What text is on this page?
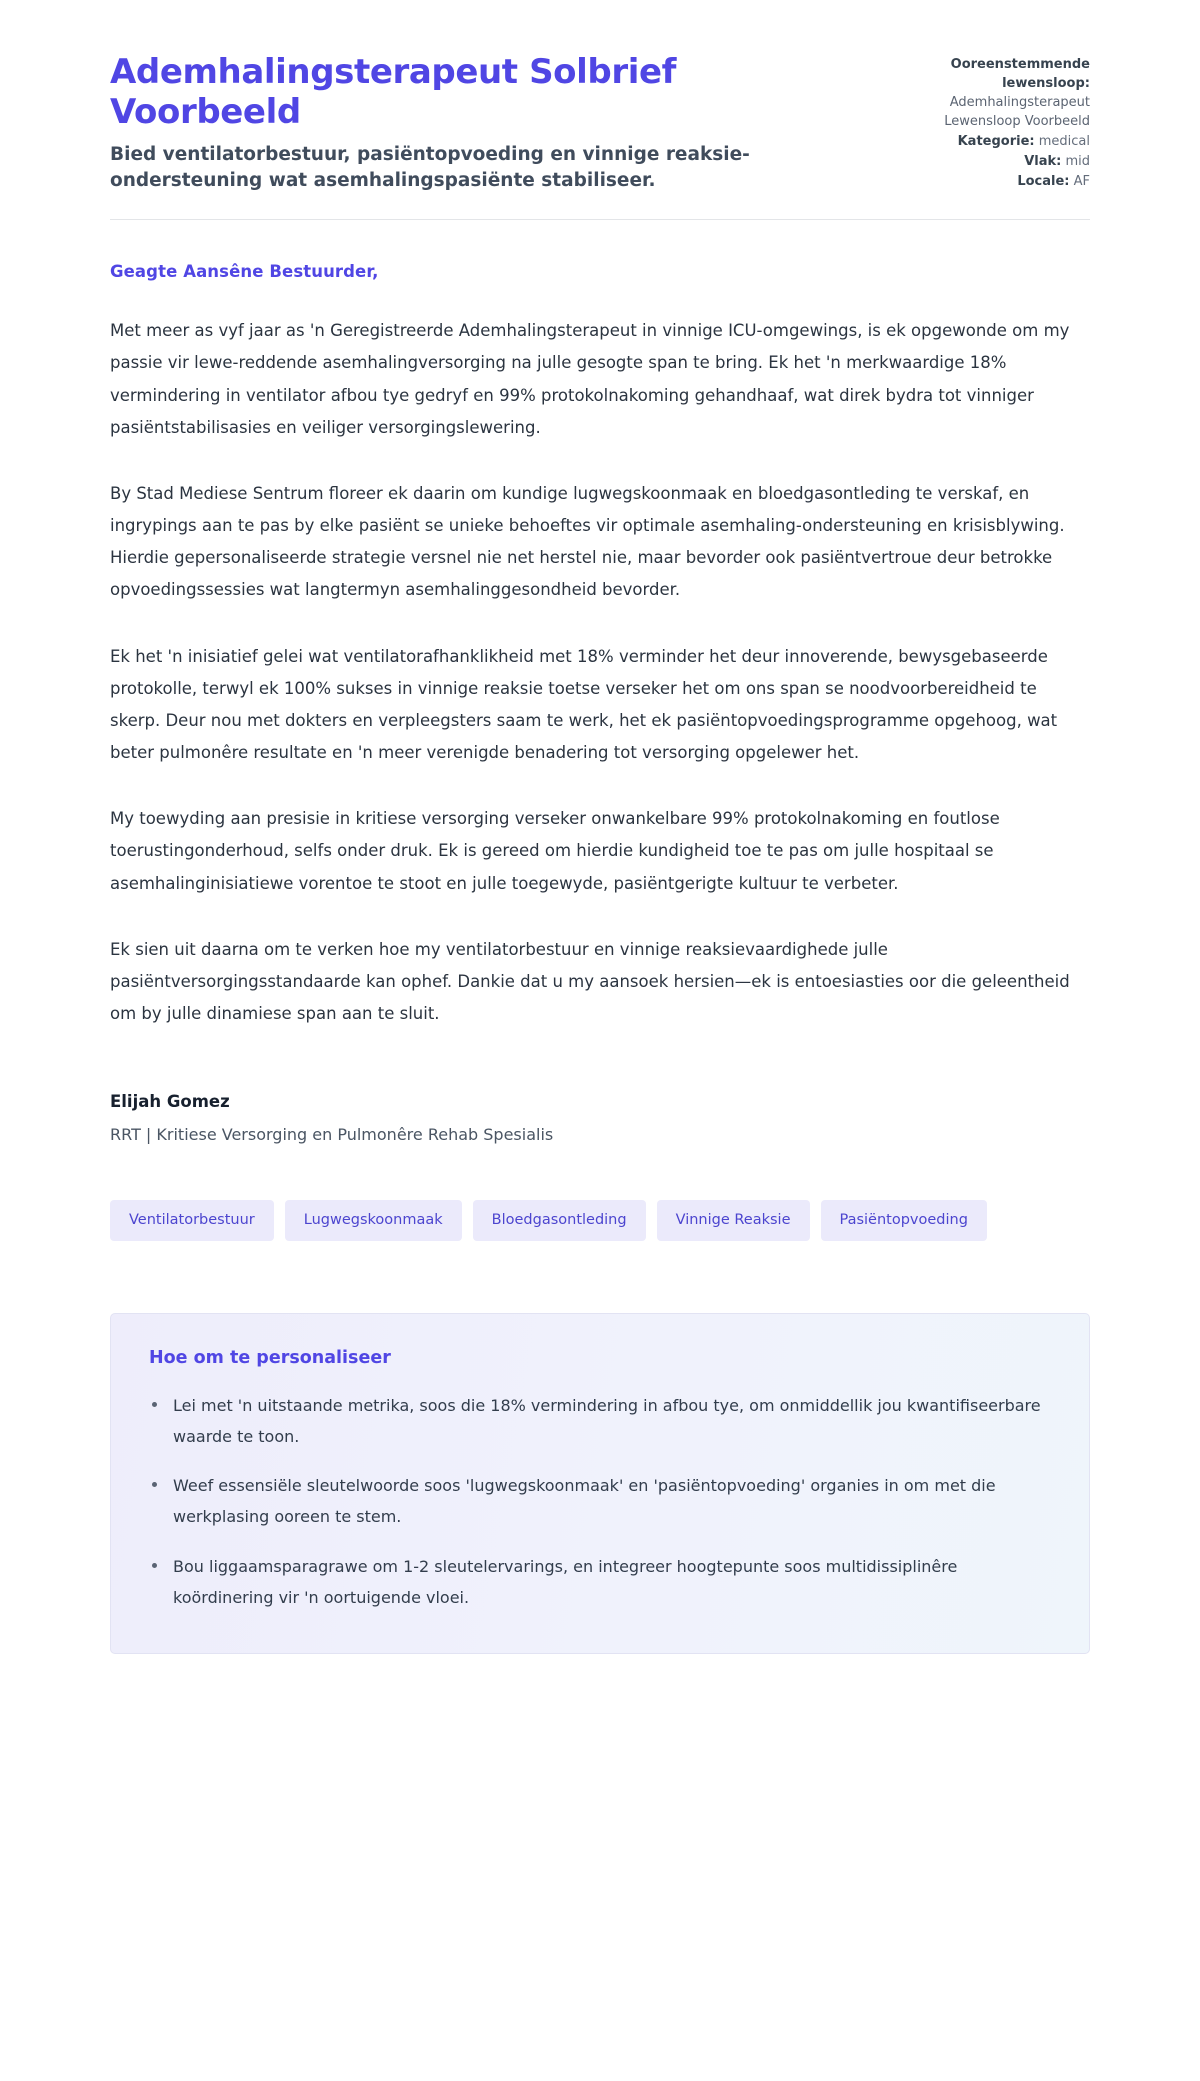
Ademhalingsterapeut Solbrief Voorbeeld

Bied ventilatorbestuur, pasiëntopvoeding en vinnige reaksie-ondersteuning wat asemhalingspasiënte stabiliseer.

Ooreenstemmende lewensloop:
Ademhalingsterapeut Lewensloop Voorbeeld
Kategorie: medical
Vlak: mid
Locale: AF

Geagte Aansêne Bestuurder,

Met meer as vyf jaar as 'n Geregistreerde Ademhalingsterapeut in vinnige ICU-omgewings, is ek opgewonde om my passie vir lewe-reddende asemhalingversorging na julle gesogte span te bring. Ek het 'n merkwaardige 18% vermindering in ventilator afbou tye gedryf en 99% protokolnakoming gehandhaaf, wat direk bydra tot vinniger pasiëntstabilisasies en veiliger versorgingslewering.

By Stad Mediese Sentrum floreer ek daarin om kundige lugwegskoonmaak en bloedgasontleding te verskaf, en ingrypings aan te pas by elke pasiënt se unieke behoeftes vir optimale asemhaling-ondersteuning en krisisblywing. Hierdie gepersonaliseerde strategie versnel nie net herstel nie, maar bevorder ook pasiëntvertroue deur betrokke opvoedingssessies wat langtermyn asemhalinggesondheid bevorder.

Ek het 'n inisiatief gelei wat ventilatorafhanklikheid met 18% verminder het deur innoverende, bewysgebaseerde protokolle, terwyl ek 100% sukses in vinnige reaksie toetse verseker het om ons span se noodvoorbereidheid te skerp. Deur nou met dokters en verpleegsters saam te werk, het ek pasiëntopvoedingsprogramme opgehoog, wat beter pulmonêre resultate en 'n meer verenigde benadering tot versorging opgelewer het.

My toewyding aan presisie in kritiese versorging verseker onwankelbare 99% protokolnakoming en foutlose toerustingonderhoud, selfs onder druk. Ek is gereed om hierdie kundigheid toe te pas om julle hospitaal se asemhalinginisiatiewe vorentoe te stoot en julle toegewyde, pasiëntgerigte kultuur te verbeter.

Ek sien uit daarna om te verken hoe my ventilatorbestuur en vinnige reaksievaardighede julle pasiëntversorgingsstandaarde kan ophef. Dankie dat u my aansoek hersien—ek is entoesiasties oor die geleentheid om by julle dinamiese span aan te sluit.

Elijah Gomez

RRT | Kritiese Versorging en Pulmonêre Rehab Spesialis

Ventilatorbestuur	Lugwegskoonmaak	Bloedgasontleding	Vinnige Reaksie	Pasiëntopvoeding
Hoe om te personaliseer
Lei met 'n uitstaande metrika, soos die 18% vermindering in afbou tye, om onmiddellik jou kwantifiseerbare waarde te toon.
Weef essensiële sleutelwoorde soos 'lugwegskoonmaak' en 'pasiëntopvoeding' organies in om met die werkplasing ooreen te stem.
Bou liggaamsparagrawe om 1-2 sleutelervarings, en integreer hoogtepunte soos multidissiplinêre koördinering vir 'n oortuigende vloei.
